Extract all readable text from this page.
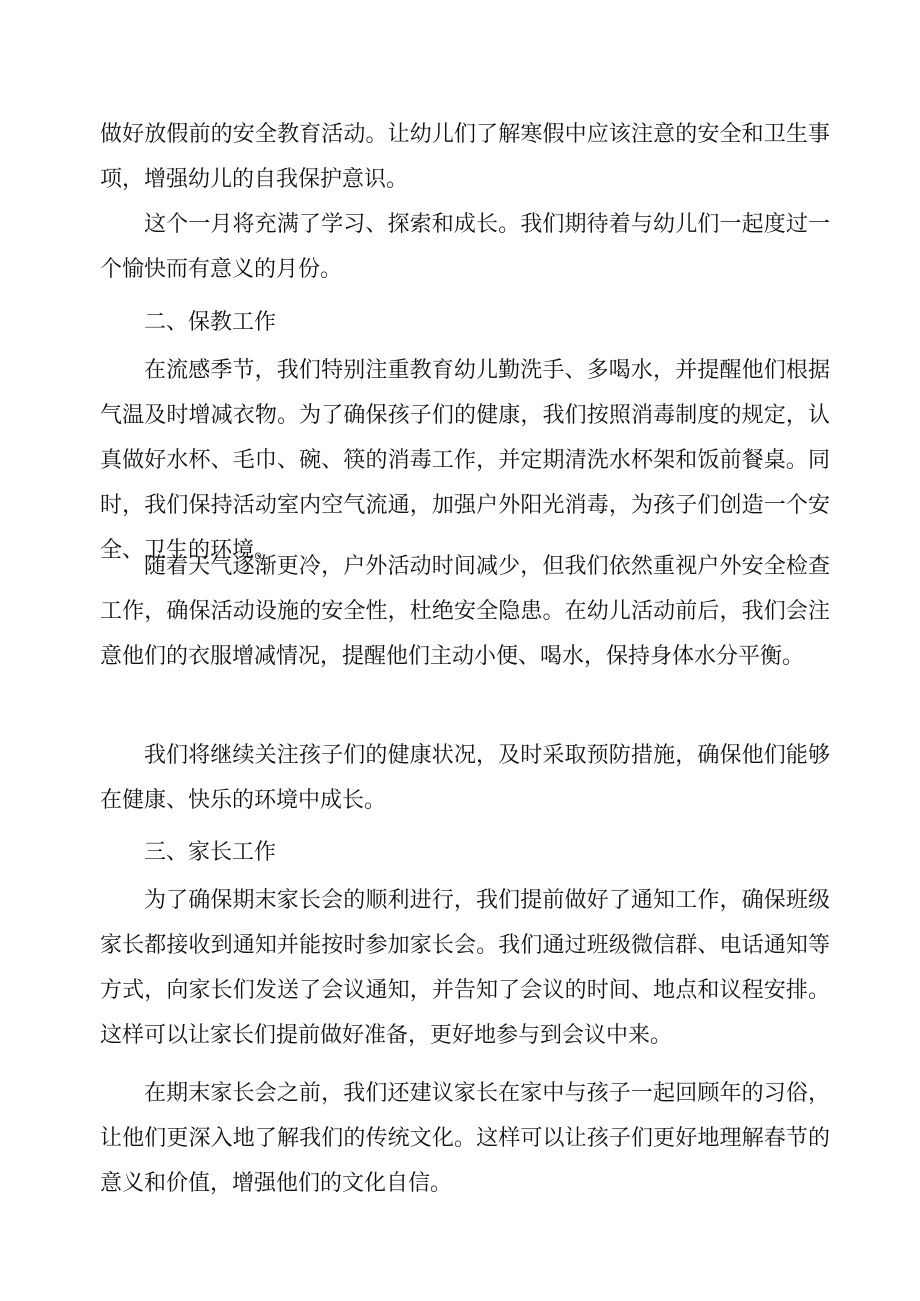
做好放假前的安全教育活动。让幼儿们了解寒假中应该注意的安全和卫生事项，增强幼儿的自我保护意识。

这个一月将充满了学习、探索和成长。我们期待着与幼儿们一起度过一个愉快而有意义的月份。

二、保教工作

在流感季节，我们特别注重教育幼儿勤洗手、多喝水，并提醒他们根据气温及时增减衣物。为了确保孩子们的健康，我们按照消毒制度的规定，认真做好水杯、毛巾、碗、筷的消毒工作，并定期清洗水杯架和饭前餐桌。同时，我们保持活动室内空气流通，加强户外阳光消毒，为孩子们创造一个安全、卫生的环境。

随着天气逐渐更冷，户外活动时间减少，但我们依然重视户外安全检查工作，确保活动设施的安全性，杜绝安全隐患。在幼儿活动前后，我们会注意他们的衣服增减情况，提醒他们主动小便、喝水，保持身体水分平衡。

我们将继续关注孩子们的健康状况，及时采取预防措施，确保他们能够在健康、快乐的环境中成长。

三、家长工作

为了确保期末家长会的顺利进行，我们提前做好了通知工作，确保班级家长都接收到通知并能按时参加家长会。我们通过班级微信群、电话通知等方式，向家长们发送了会议通知，并告知了会议的时间、地点和议程安排。这样可以让家长们提前做好准备，更好地参与到会议中来。

在期末家长会之前，我们还建议家长在家中与孩子一起回顾年的习俗，让他们更深入地了解我们的传统文化。这样可以让孩子们更好地理解春节的意义和价值，增强他们的文化自信。
